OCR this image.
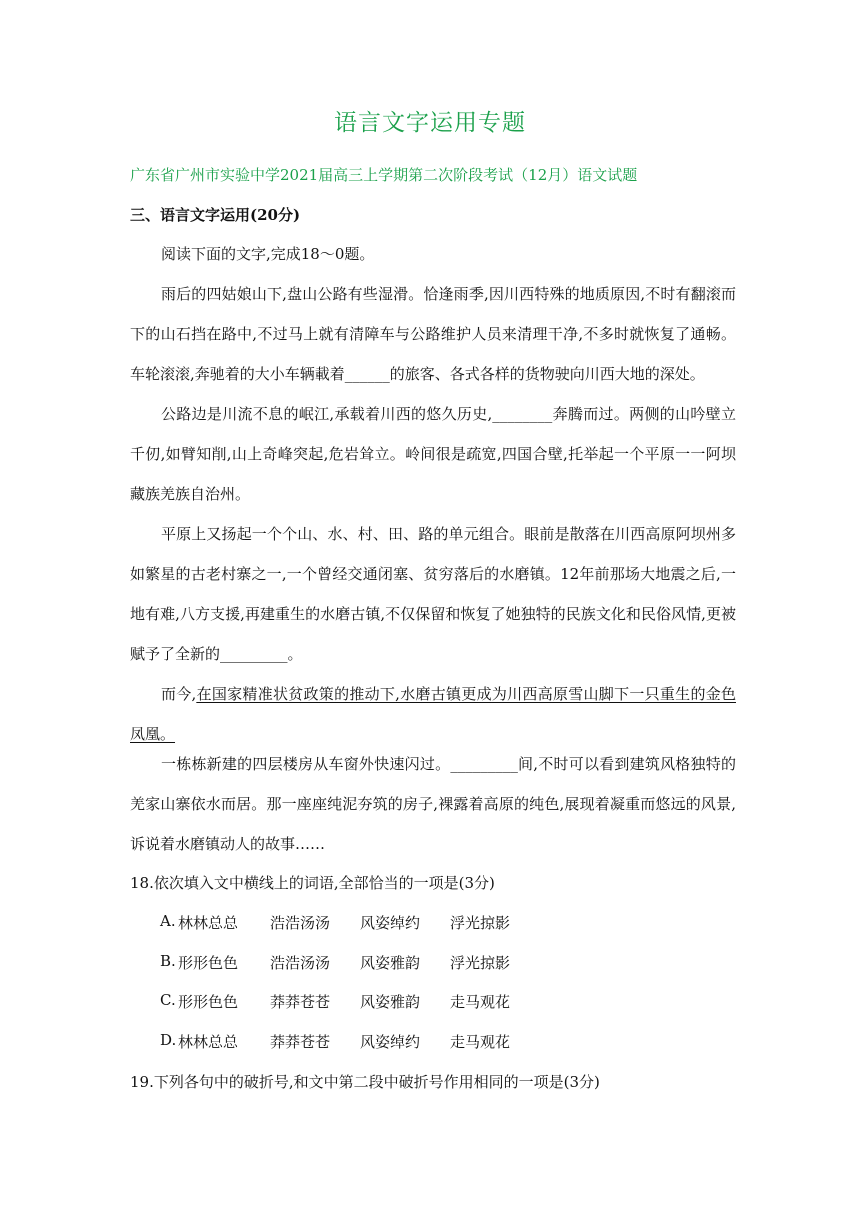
语言文字运用专题
广东省广州市实验中学2021届高三上学期第二次阶段考试（12月）语文试题
三、语言文字运用(20分)

阅读下面的文字,完成18～0题。

雨后的四姑娘山下,盘山公路有些湿滑。恰逢雨季,因川西特殊的地质原因,不时有翻滚而下的山石挡在路中,不过马上就有清障车与公路维护人员来清理干净,不多时就恢复了通畅。车轮滚滚,奔驰着的大小车辆載着______的旅客、各式各样的货物驶向川西大地的深处。

公路边是川流不息的岷江,承载着川西的悠久历史,________奔腾而过。两侧的山吟壁立千仞,如臂知削,山上奇峰突起,危岩耸立。岭间很是疏宽,四国合壁,托举起一个平原一一阿坝藏族羌族自治州。

平原上又扬起一个个山、水、村、田、路的单元组合。眼前是散落在川西高原阿坝州多如繁星的古老村寨之一,一个曾经交通闭塞、贫穷落后的水磨镇。12年前那场大地震之后,一地有难,八方支援,再建重生的水磨古镇,不仅保留和恢复了她独特的民族文化和民俗风情,更被赋予了全新的_________。

而今,在国家精准状贫政策的推动下,水磨古镇更成为川西高原雪山脚下一只重生的金色凤凰。

一栋栋新建的四层楼房从车窗外快速闪过。_________间,不时可以看到建筑风格独特的羌家山寨依水而居。那一座座纯泥夯筑的房子,裸露着高原的纯色,展现着凝重而悠远的风景,诉说着水磨镇动人的故事……

18.依次填入文中横线上的词语,全部恰当的一项是(3分)
A. 林林总总	浩浩汤汤	风姿绰约	浮光掠影
B. 形形色色	浩浩汤汤	风姿雅韵	浮光掠影
C. 形形色色	莽莽苍苍	风姿雅韵	走马观花
D. 林林总总	莽莽苍苍	风姿绰约	走马观花
19.下列各句中的破折号,和文中第二段中破折号作用相同的一项是(3分)
